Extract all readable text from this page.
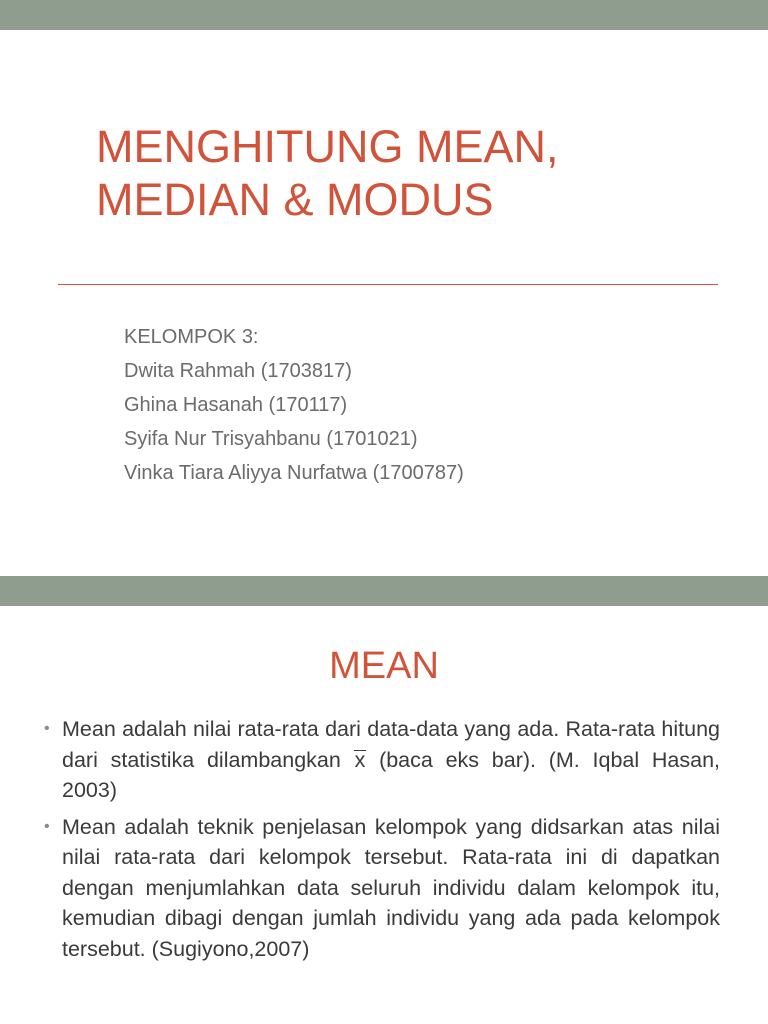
MENGHITUNG MEAN,
MEDIAN & MODUS
KELOMPOK 3:
Dwita Rahmah (1703817)
Ghina Hasanah (170117)
Syifa Nur Trisyahbanu (1701021)
Vinka Tiara Aliyya Nurfatwa (1700787)
MEAN
• Mean adalah nilai rata-rata dari data-data yang ada. Rata-rata hitung dari statistika dilambangkan x (baca eks bar). (M. Iqbal Hasan, 2003)
• Mean adalah teknik penjelasan kelompok yang didsarkan atas nilai nilai rata-rata dari kelompok tersebut. Rata-rata ini di dapatkan dengan menjumlahkan data seluruh individu dalam kelompok itu, kemudian dibagi dengan jumlah individu yang ada pada kelompok tersebut. (Sugiyono,2007)
